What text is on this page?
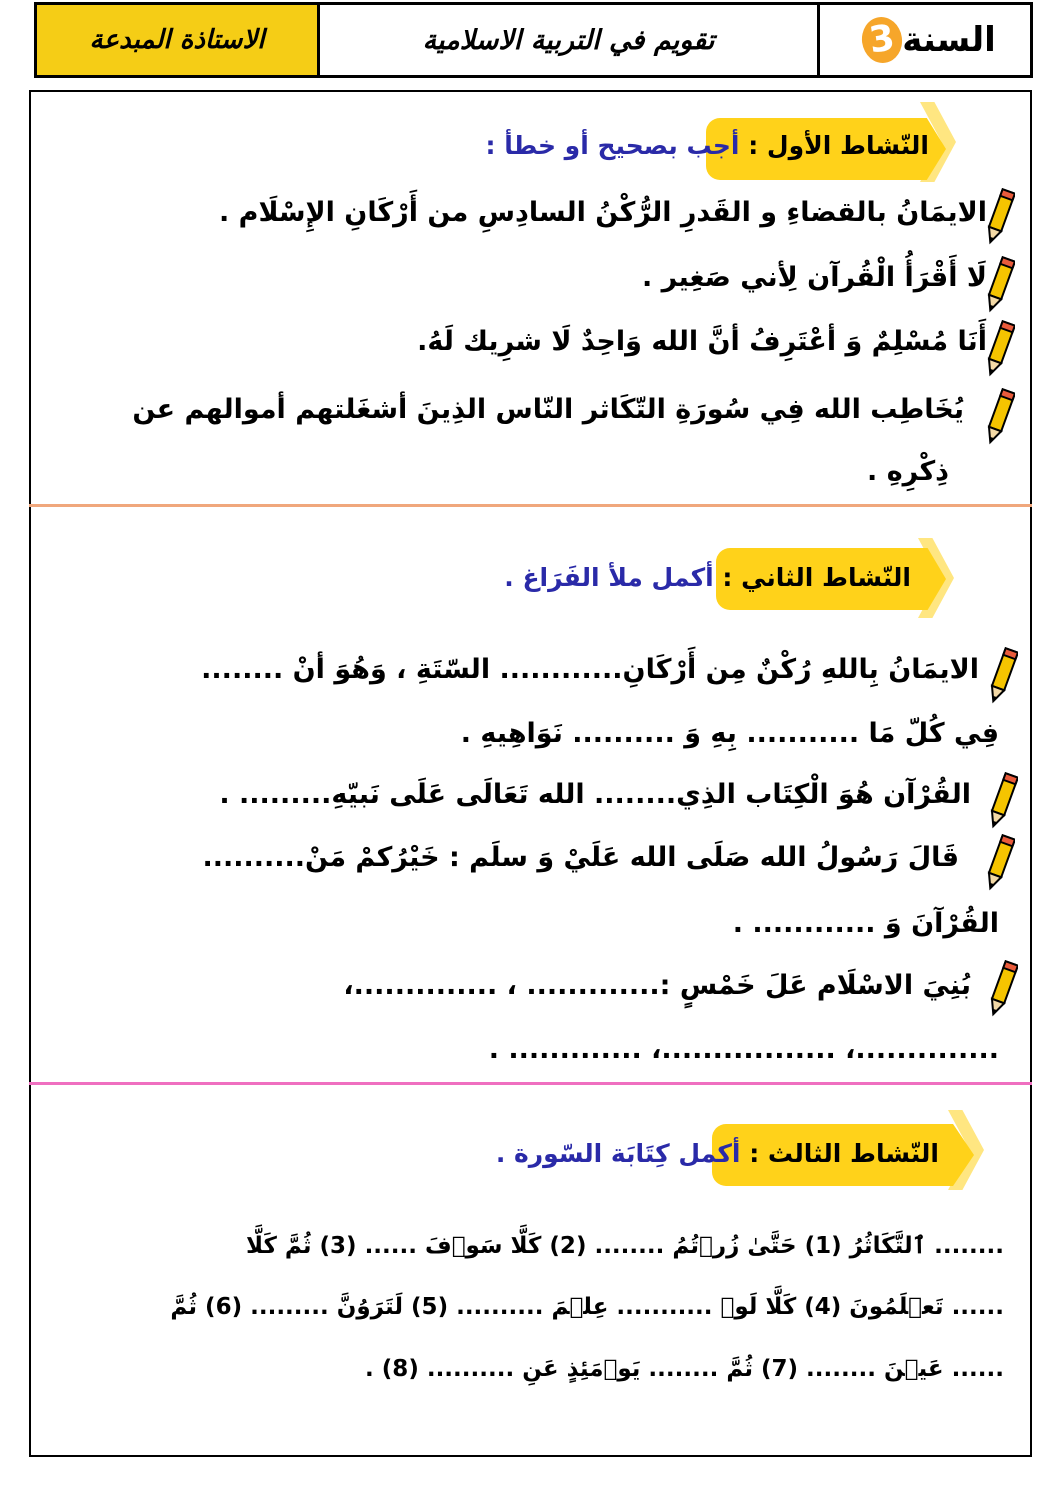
الاستاذة المبدعة	تقويم في التربية الاسلامية	السنة
3
النّشاط الأول : أجب بصحيح أو خطأ :
الايمَانُ بالقضاءِ و القَدرِ الرُّكْنُ السادِسِ من أَرْكَانِ الإِسْلَام .
لَا أَقْرَأُ الْقُرآن لِأني صَغِير .
أَنَا مُسْلِمٌ وَ أعْتَرِفُ أنَّ الله وَاحِدٌ لَا شرِيك لَهُ.
يُخَاطِب الله فِي سُورَةِ التّكَاثر النّاس الذِينَ أشغَلتهم أموالهم عن
ذِكْرِهِ .
النّشاط الثاني : أكمل ملأ الفَرَاغ .
الايمَانُ بِاللهِ رُكْنٌ مِن أَرْكَانِ............ السّتَةِ ، وَهُوَ أنْ ........
فِي كُلّ مَا ........... بِهِ وَ .......... نَوَاهِيهِ .
القُرْآن هُوَ الْكِتَاب الذِي........ الله تَعَالَى عَلَى نَبيّهِ......... .
قَالَ رَسُولُ الله صَلَى الله عَلَيْ وَ سلَم : خَيْرُكمْ مَنْ..........
القُرْآنَ وَ ............ .
بُنِيَ الاسْلَام عَلَ خَمْسٍ :............. ، ..............،
..............، .................، ............. .
النّشاط الثالث : أكمل كِتَابَة السّورة .
........ ٱلتَّكَاثُرُ (1) حَتَّىٰ زُرۡتُمُ ........ (2) كَلَّا سَوۡفَ ...... (3) ثُمَّ كَلَّا
...... تَعۡلَمُونَ (4) كَلَّا لَوۡ ........... عِلۡمَ .......... (5) لَتَرَوُنَّ ......... (6) ثُمَّ
...... عَيۡنَ ........ (7) ثُمَّ ........ يَوۡمَئِذٍ عَنِ .......... (8) .
